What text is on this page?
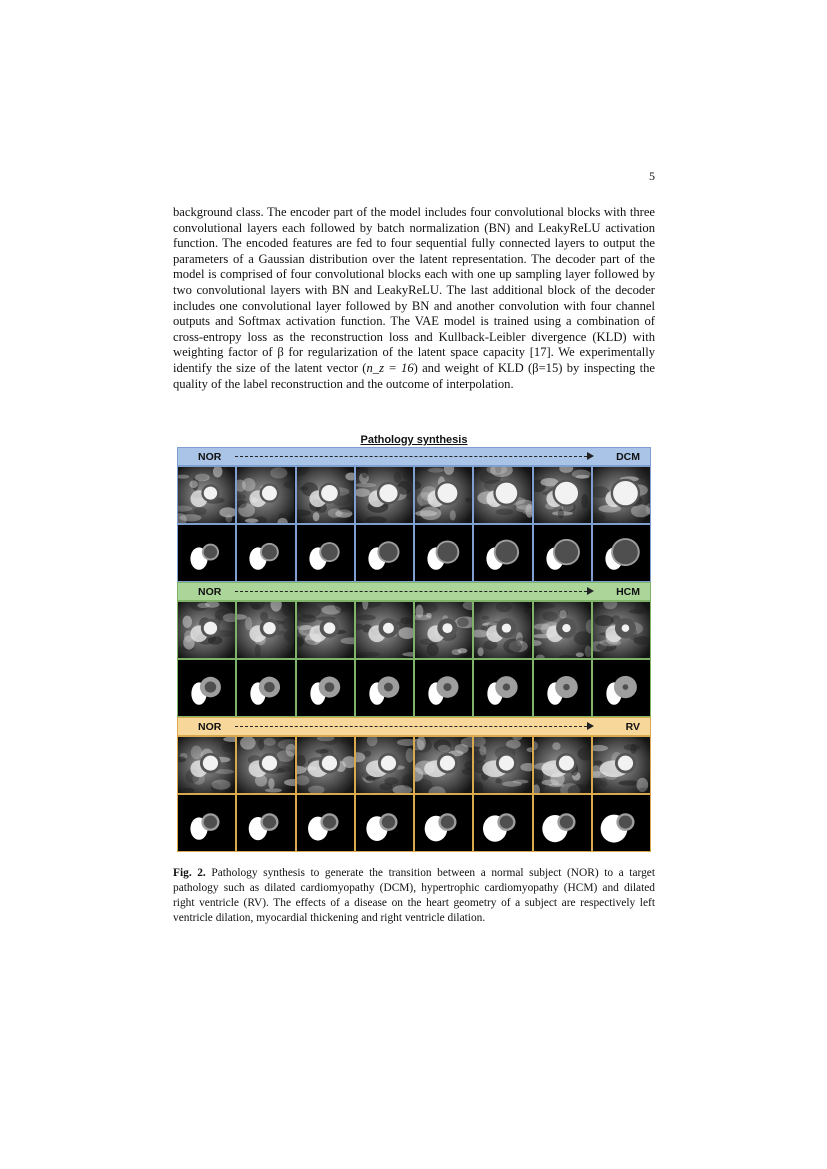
5

background class. The encoder part of the model includes four convolutional blocks with three convolutional layers each followed by batch normalization (BN) and LeakyReLU activation function. The encoded features are fed to four sequential fully connected layers to output the parameters of a Gaussian distribution over the latent representation. The decoder part of the model is comprised of four convolutional blocks each with one up sampling layer followed by two convolutional layers with BN and LeakyReLU. The last additional block of the decoder includes one convolutional layer followed by BN and another convolution with four channel outputs and Softmax activation function. The VAE model is trained using a combination of cross-entropy loss as the reconstruction loss and Kullback-Leibler divergence (KLD) with weighting factor of β for regularization of the latent space capacity [17]. We experimentally identify the size of the latent vector (n_z = 16) and weight of KLD (β=15) by inspecting the quality of the label reconstruction and the outcome of interpolation.

Pathology synthesis
NOR	DCM
NOR	HCM
NOR	RV

Fig. 2. Pathology synthesis to generate the transition between a normal subject (NOR) to a target pathology such as dilated cardiomyopathy (DCM), hypertrophic cardiomyopathy (HCM) and dilated right ventricle (RV). The effects of a disease on the heart geometry of a subject are respectively left ventricle dilation, myocardial thickening and right ventricle dilation.
